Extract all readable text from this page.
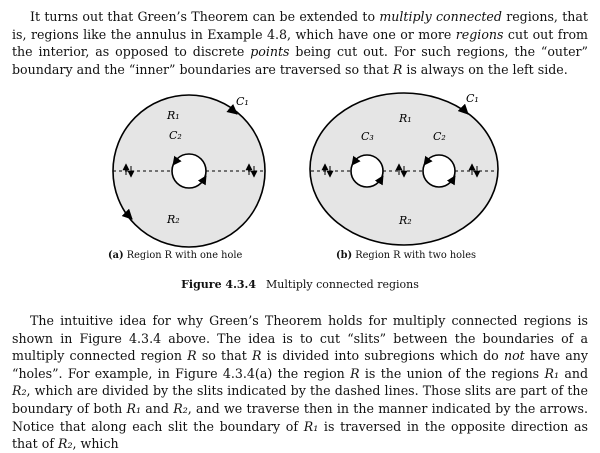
It turns out that Green’s Theorem can be extended to multiply connected regions, that is, regions like the annulus in Example 4.8, which have one or more regions cut out from the interior, as opposed to discrete points being cut out. For such regions, the “outer” boundary and the “inner” boundaries are traversed so that R is always on the left side.

C₁
R₁
C₂
R₂
C₁
R₁
C₃	C₂
R₂
(a) Region R with one hole	(b) Region R with two holes
Figure 4.3.4 Multiply connected regions

The intuitive idea for why Green’s Theorem holds for multiply connected regions is shown in Figure 4.3.4 above. The idea is to cut “slits” between the boundaries of a multiply connected region R so that R is divided into subregions which do not have any “holes”. For example, in Figure 4.3.4(a) the region R is the union of the regions R₁ and R₂, which are divided by the slits indicated by the dashed lines. Those slits are part of the boundary of both R₁ and R₂, and we traverse then in the manner indicated by the arrows. Notice that along each slit the boundary of R₁ is traversed in the opposite direction as that of R₂, which
